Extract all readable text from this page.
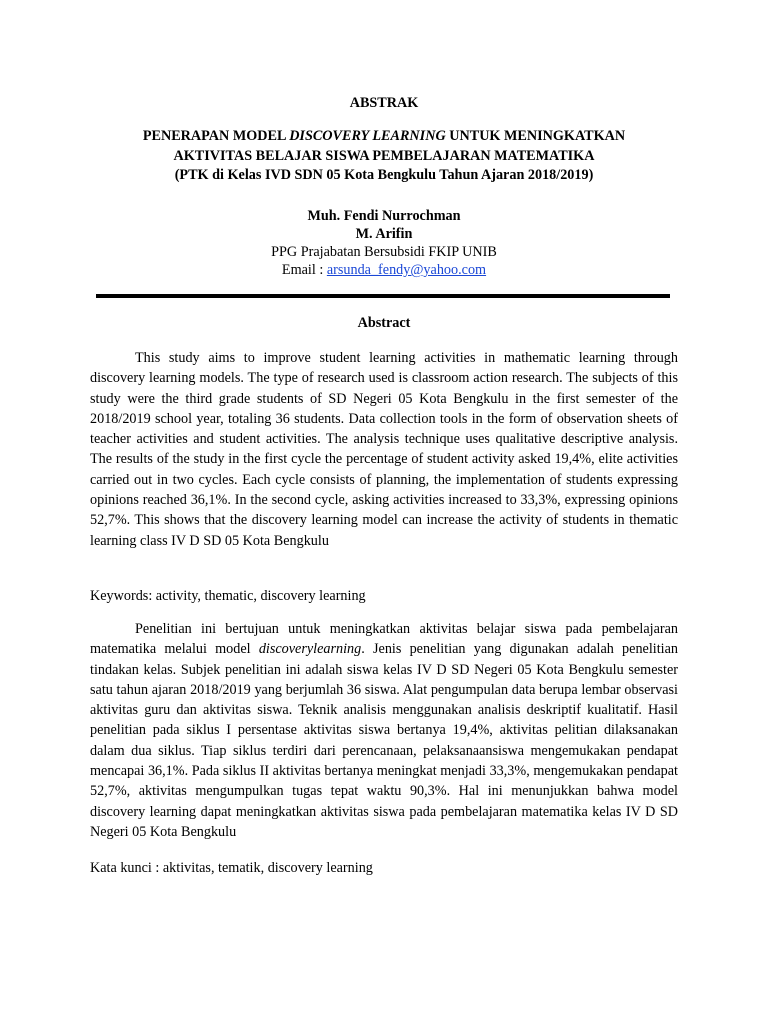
ABSTRAK
PENERAPAN MODEL DISCOVERY LEARNING UNTUK MENINGKATKAN
AKTIVITAS BELAJAR SISWA PEMBELAJARAN MATEMATIKA
(PTK di Kelas IVD SDN 05 Kota Bengkulu Tahun Ajaran 2018/2019)
Muh. Fendi Nurrochman
M. Arifin
PPG Prajabatan Bersubsidi FKIP UNIB
Email : arsunda_fendy@yahoo.com
Abstract
This study aims to improve student learning activities in mathematic learning through discovery learning models. The type of research used is classroom action research. The subjects of this study were the third grade students of SD Negeri 05 Kota Bengkulu in the first semester of the 2018/2019 school year, totaling 36 students. Data collection tools in the form of observation sheets of teacher activities and student activities. The analysis technique uses qualitative descriptive analysis. The results of the study in the first cycle the percentage of student activity asked 19,4%, elite activities carried out in two cycles. Each cycle consists of planning, the implementation of students expressing opinions reached 36,1%. In the second cycle, asking activities increased to 33,3%, expressing opinions 52,7%. This shows that the discovery learning model can increase the activity of students in thematic learning class IV D SD 05 Kota Bengkulu
Keywords: activity, thematic, discovery learning
Penelitian ini bertujuan untuk meningkatkan aktivitas belajar siswa pada pembelajaran matematika melalui model discoverylearning. Jenis penelitian yang digunakan adalah penelitian tindakan kelas. Subjek penelitian ini adalah siswa kelas IV D SD Negeri 05 Kota Bengkulu semester satu tahun ajaran 2018/2019 yang berjumlah 36 siswa. Alat pengumpulan data berupa lembar observasi aktivitas guru dan aktivitas siswa. Teknik analisis menggunakan analisis deskriptif kualitatif. Hasil penelitian pada siklus I persentase aktivitas siswa bertanya 19,4%, aktivitas pelitian dilaksanakan dalam dua siklus. Tiap siklus terdiri dari perencanaan, pelaksanaansiswa mengemukakan pendapat mencapai 36,1%. Pada siklus II aktivitas bertanya meningkat menjadi 33,3%, mengemukakan pendapat 52,7%, aktivitas mengumpulkan tugas tepat waktu 90,3%. Hal ini menunjukkan bahwa model discovery learning dapat meningkatkan aktivitas siswa pada pembelajaran matematika kelas IV D SD Negeri 05 Kota Bengkulu
Kata kunci : aktivitas, tematik, discovery learning
